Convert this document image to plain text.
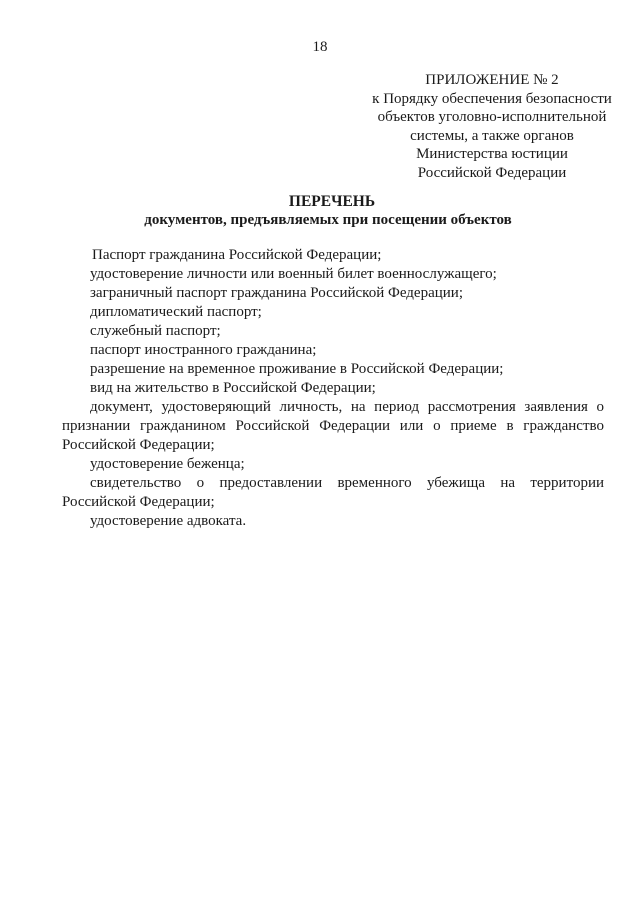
18
ПРИЛОЖЕНИЕ № 2
к Порядку обеспечения безопасности
объектов уголовно-исполнительной
системы, а также органов
Министерства юстиции
Российской Федерации
ПЕРЕЧЕНЬ
документов, предъявляемых при посещении объектов
Паспорт гражданина Российской Федерации;
удостоверение личности или военный билет военнослужащего;
заграничный паспорт гражданина Российской Федерации;
дипломатический паспорт;
служебный паспорт;
паспорт иностранного гражданина;
разрешение на временное проживание в Российской Федерации;
вид на жительство в Российской Федерации;
документ, удостоверяющий личность, на период рассмотрения заявления о признании гражданином Российской Федерации или о приеме в гражданство Российской Федерации;
удостоверение беженца;
свидетельство о предоставлении временного убежища на территории Российской Федерации;
удостоверение адвоката.
